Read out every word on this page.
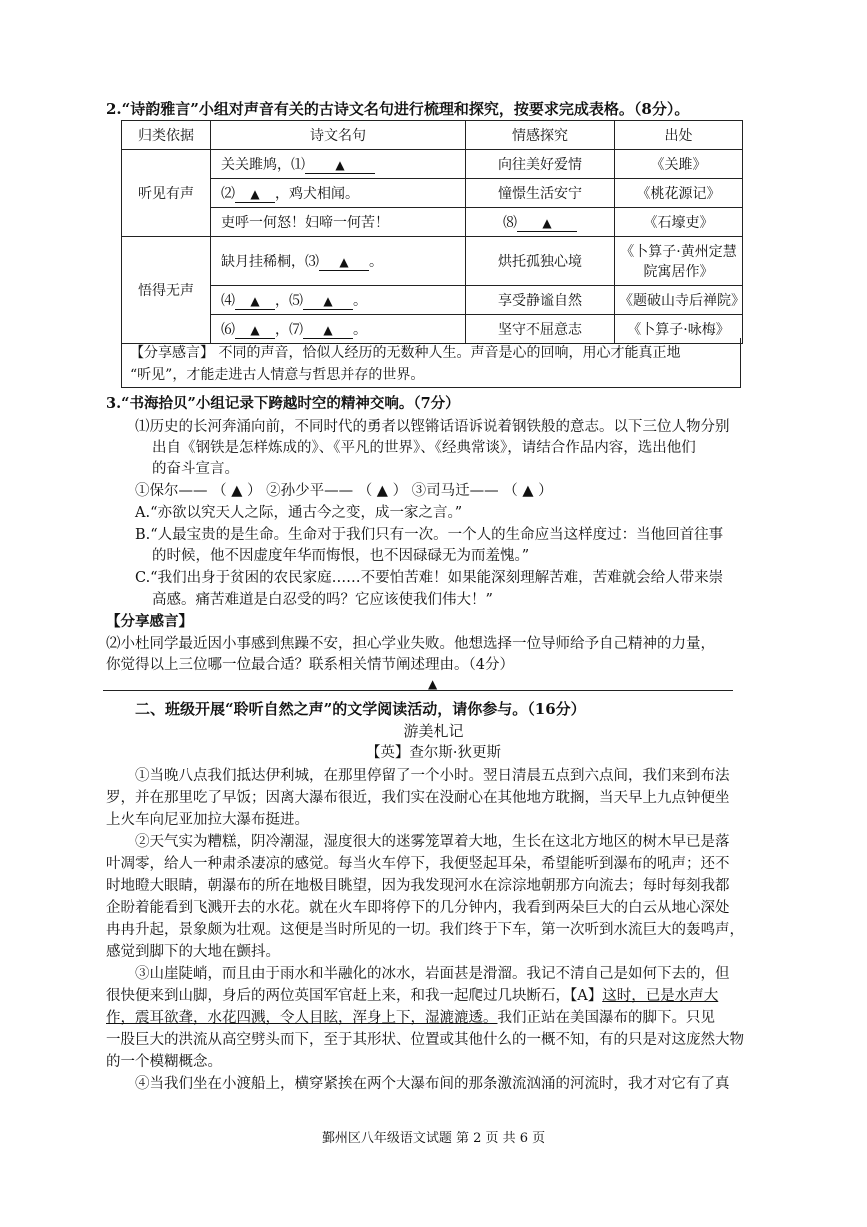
2.“诗韵雅言”小组对声音有关的古诗文名句进行梳理和探究，按要求完成表格。（8分）。
归类依据	诗文名句	情感探究	出处
听见有声	关关雎鸠，⑴ ▲	向往美好爱情	《关雎》
	⑵ ▲ ，鸡犬相闻。	憧憬生活安宁	《桃花源记》
	吏呼一何怒！妇啼一何苦！	⑻ ▲	《石壕吏》
悟得无声	缺月挂稀桐，⑶ ▲ 。	烘托孤独心境	《卜算子·黄州定慧院寓居作》
	⑷ ▲ ，⑸ ▲ 。	享受静谧自然	《题破山寺后禅院》
	⑹ ▲ ，⑺ ▲ 。	坚守不屈意志	《卜算子·咏梅》
【分享感言】 不同的声音，恰似人经历的无数种人生。声音是心的回响，用心才能真正地
“听见”，才能走进古人情意与哲思并存的世界。
3.“书海拾贝”小组记录下跨越时空的精神交响。（7分）
⑴历史的长河奔涌向前，不同时代的勇者以铿锵话语诉说着钢铁般的意志。以下三位人物分别
出自《钢铁是怎样炼成的》、《平凡的世界》、《经典常谈》，请结合作品内容，选出他们
的奋斗宣言。
①保尔—— （ ▲ ） ②孙少平—— （ ▲ ） ③司马迁—— （ ▲ ）
A.“亦欲以究天人之际，通古今之变，成一家之言。”
B.“人最宝贵的是生命。生命对于我们只有一次。一个人的生命应当这样度过：当他回首往事
的时候，他不因虚度年华而悔恨，也不因碌碌无为而羞愧。”
C.“我们出身于贫困的农民家庭……不要怕苦难！如果能深刻理解苦难，苦难就会给人带来崇
高感。痛苦难道是白忍受的吗？它应该使我们伟大！”
【分享感言】
⑵小杜同学最近因小事感到焦躁不安，担心学业失败。他想选择一位导师给予自己精神的力量，
你觉得以上三位哪一位最合适？联系相关情节阐述理由。（4分）
▲
二、班级开展“聆听自然之声”的文学阅读活动，请你参与。（16分）
游美札记
【英】查尔斯·狄更斯
①当晚八点我们抵达伊利城，在那里停留了一个小时。翌日清晨五点到六点间，我们来到布法
罗，并在那里吃了早饭；因离大瀑布很近，我们实在没耐心在其他地方耽搁，当天早上九点钟便坐
上火车向尼亚加拉大瀑布挺进。
②天气实为糟糕，阴冷潮湿，湿度很大的迷雾笼罩着大地，生长在这北方地区的树木早已是落
叶凋零，给人一种肃杀凄凉的感觉。每当火车停下，我便竖起耳朵，希望能听到瀑布的吼声；还不
时地瞪大眼睛，朝瀑布的所在地极目眺望，因为我发现河水在淙淙地朝那方向流去；每时每刻我都
企盼着能看到飞溅开去的水花。就在火车即将停下的几分钟内，我看到两朵巨大的白云从地心深处
冉冉升起，景象颇为壮观。这便是当时所见的一切。我们终于下车，第一次听到水流巨大的轰鸣声，
感觉到脚下的大地在颤抖。
③山崖陡峭，而且由于雨水和半融化的冰水，岩面甚是滑溜。我记不清自己是如何下去的，但
很快便来到山脚，身后的两位英国军官赶上来，和我一起爬过几块断石，【A】这时，已是水声大
作，震耳欲聋，水花四溅，令人目眩，浑身上下，湿漉漉透。我们正站在美国瀑布的脚下。只见
一股巨大的洪流从高空劈头而下，至于其形状、位置或其他什么的一概不知，有的只是对这庞然大物
的一个模糊概念。
④当我们坐在小渡船上，横穿紧挨在两个大瀑布间的那条激流汹涌的河流时，我才对它有了真
鄞州区八年级语文试题 第 2 页 共 6 页
